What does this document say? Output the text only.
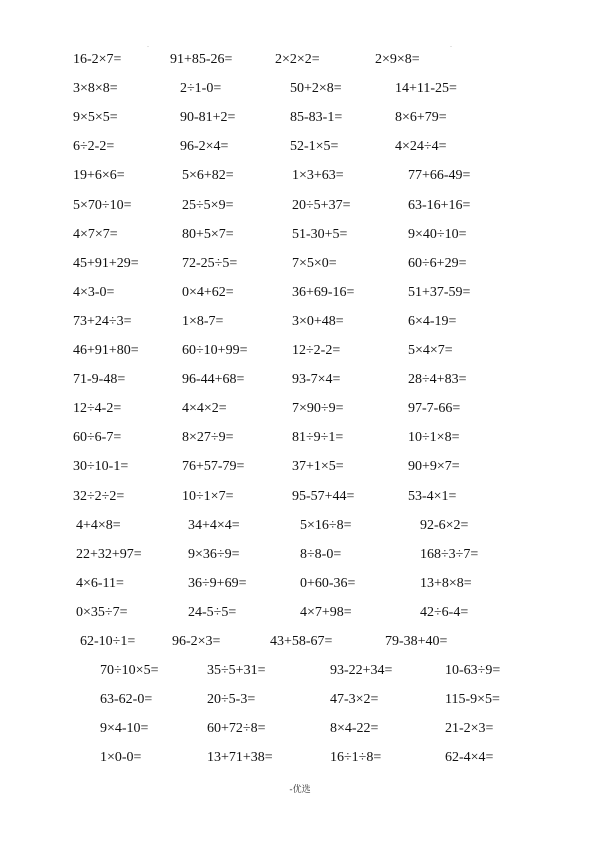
.	.
16-2×7=	91+85-26=	2×2×2=	2×9×8=
3×8×8=	2÷1-0=	50+2×8=	14+11-25=
9×5×5=	90-81+2=	85-83-1=	8×6+79=
6÷2-2=	96-2×4=	52-1×5=	4×24÷4=
19+6×6=	5×6+82=	1×3+63=	77+66-49=
5×70÷10=	25÷5×9=	20÷5+37=	63-16+16=
4×7×7=	80+5×7=	51-30+5=	9×40÷10=
45+91+29=	72-25÷5=	7×5×0=	60÷6+29=
4×3-0=	0×4+62=	36+69-16=	51+37-59=
73+24÷3=	1×8-7=	3×0+48=	6×4-19=
46+91+80=	60÷10+99=	12÷2-2=	5×4×7=
71-9-48=	96-44+68=	93-7×4=	28÷4+83=
12÷4-2=	4×4×2=	7×90÷9=	97-7-66=
60÷6-7=	8×27÷9=	81÷9÷1=	10÷1×8=
30÷10-1=	76+57-79=	37+1×5=	90+9×7=
32÷2÷2=	10÷1×7=	95-57+44=	53-4×1=
4+4×8=	34+4×4=	5×16÷8=	92-6×2=
22+32+97=	9×36÷9=	8÷8-0=	168÷3÷7=
4×6-11=	36÷9+69=	0+60-36=	13+8×8=
0×35÷7=	24-5÷5=	4×7+98=	42÷6-4=
62-10÷1=	96-2×3=	43+58-67=	79-38+40=
70÷10×5=	35÷5+31=	93-22+34=	10-63÷9=
63-62-0=	20÷5-3=	47-3×2=	115-9×5=
9×4-10=	60+72÷8=	8×4-22=	21-2×3=
1×0-0=	13+71+38=	16÷1÷8=	62-4×4=
-优选
